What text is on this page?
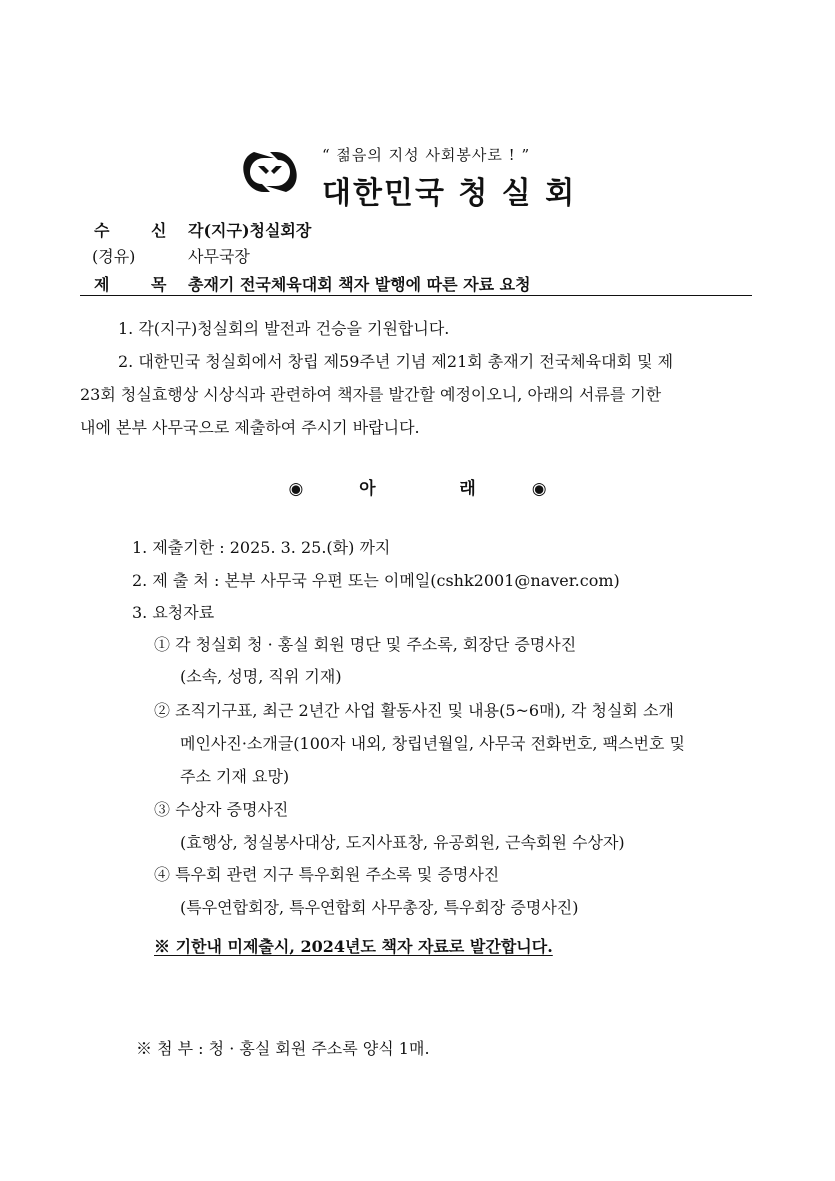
“ 젊음의 지성 사회봉사로 ! ”
대한민국 청 실 회
수 신 각(지구)청실회장
(경유)	사무국장
제 목 총재기 전국체육대회 책자 발행에 따른 자료 요청
1. 각(지구)청실회의 발전과 건승을 기원합니다.
2. 대한민국 청실회에서 창립 제59주년 기념 제21회 총재기 전국체육대회 및 제
23회 청실효행상 시상식과 관련하여 책자를 발간할 예정이오니, 아래의 서류를 기한
내에 본부 사무국으로 제출하여 주시기 바랍니다.
◉	아	래	◉
1. 제출기한 : 2025. 3. 25.(화) 까지
2. 제 출 처 : 본부 사무국 우편 또는 이메일(cshk2001@naver.com)
3. 요청자료
① 각 청실회 청 · 홍실 회원 명단 및 주소록, 회장단 증명사진
(소속, 성명, 직위 기재)
② 조직기구표, 최근 2년간 사업 활동사진 및 내용(5~6매), 각 청실회 소개
메인사진·소개글(100자 내외, 창립년월일, 사무국 전화번호, 팩스번호 및
주소 기재 요망)
③ 수상자 증명사진
(효행상, 청실봉사대상, 도지사표창, 유공회원, 근속회원 수상자)
④ 특우회 관련 지구 특우회원 주소록 및 증명사진
(특우연합회장, 특우연합회 사무총장, 특우회장 증명사진)
※ 기한내 미제출시, 2024년도 책자 자료로 발간합니다.
※ 첨 부 : 청 · 홍실 회원 주소록 양식 1매.
